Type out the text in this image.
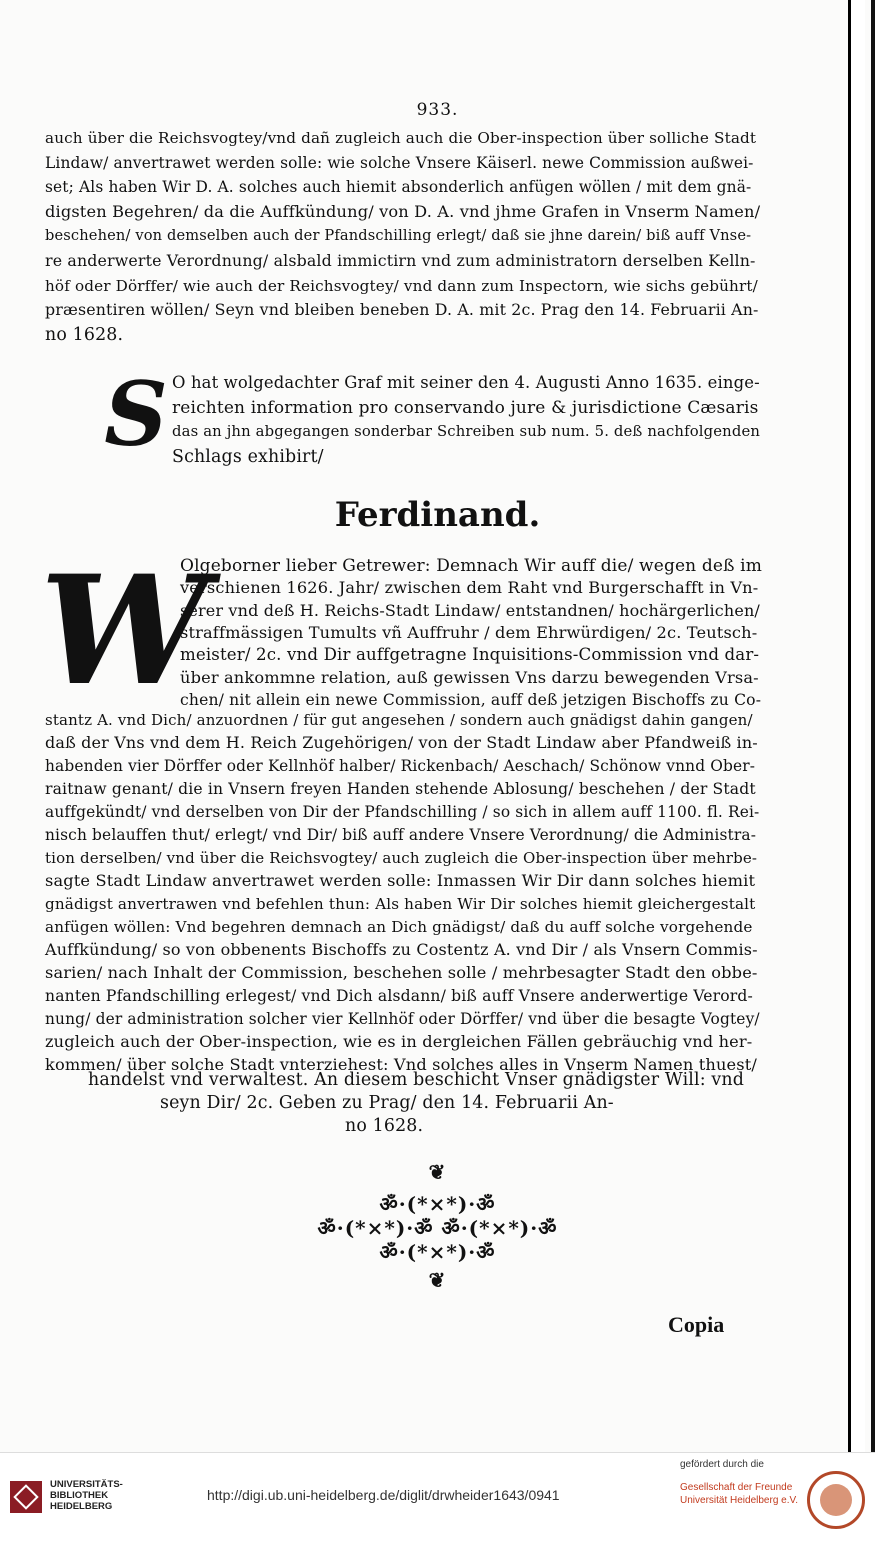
933.
auch über die Reichsvogtey/vnd dañ zugleich auch die Ober-inspection über solliche Stadt
Lindaw/ anvertrawet werden solle: wie solche Vnsere Käiserl. newe Commission außwei-
set; Als haben Wir D. A. solches auch hiemit absonderlich anfügen wöllen / mit dem gnä-
digsten Begehren/ da die Auffkündung/ von D. A. vnd jhme Grafen in Vnserm Namen/
beschehen/ von demselben auch der Pfandschilling erlegt/ daß sie jhne darein/ biß auff Vnse-
re anderwerte Verordnung/ alsbald immictirn vnd zum administratorn derselben Kelln-
höf oder Dörffer/ wie auch der Reichsvogtey/ vnd dann zum Inspectorn, wie sichs gebührt/
præsentiren wöllen/ Seyn vnd bleiben beneben D. A. mit 2c. Prag den 14. Februarii An-
no 1628.
S O hat wolgedachter Graf mit seiner den 4. Augusti Anno 1635. einge-
reichten information pro conservando jure & jurisdictione Cæsaris
das an jhn abgegangen sonderbar Schreiben sub num. 5. deß nachfolgenden
Schlags exhibirt/
Ferdinand.
W
Olgeborner lieber Getrewer: Demnach Wir auff die/ wegen deß im
verschienen 1626. Jahr/ zwischen dem Raht vnd Burgerschafft in Vn-
serer vnd deß H. Reichs-Stadt Lindaw/ entstandnen/ hochärgerlichen/
straffmässigen Tumults vñ Auffruhr / dem Ehrwürdigen/ 2c. Teutsch-
meister/ 2c. vnd Dir auffgetragne Inquisitions-Commission vnd dar-
über ankommne relation, auß gewissen Vns darzu bewegenden Vrsa-
chen/ nit allein ein newe Commission, auff deß jetzigen Bischoffs zu Co-
stantz A. vnd Dich/ anzuordnen / für gut angesehen / sondern auch gnädigst dahin gangen/
daß der Vns vnd dem H. Reich Zugehörigen/ von der Stadt Lindaw aber Pfandweiß in-
habenden vier Dörffer oder Kellnhöf halber/ Rickenbach/ Aeschach/ Schönow vnnd Ober-
raitnaw genant/ die in Vnsern freyen Handen stehende Ablosung/ beschehen / der Stadt
auffgekündt/ vnd derselben von Dir der Pfandschilling / so sich in allem auff 1100. fl. Rei-
nisch belauffen thut/ erlegt/ vnd Dir/ biß auff andere Vnsere Verordnung/ die Administra-
tion derselben/ vnd über die Reichsvogtey/ auch zugleich die Ober-inspection über mehrbe-
sagte Stadt Lindaw anvertrawet werden solle: Inmassen Wir Dir dann solches hiemit
gnädigst anvertrawen vnd befehlen thun: Als haben Wir Dir solches hiemit gleichergestalt
anfügen wöllen: Vnd begehren demnach an Dich gnädigst/ daß du auff solche vorgehende
Auffkündung/ so von obbenents Bischoffs zu Costentz A. vnd Dir / als Vnsern Commis-
sarien/ nach Inhalt der Commission, beschehen solle / mehrbesagter Stadt den obbe-
nanten Pfandschilling erlegest/ vnd Dich alsdann/ biß auff Vnsere anderwertige Verord-
nung/ der administration solcher vier Kellnhöf oder Dörffer/ vnd über die besagte Vogtey/
zugleich auch der Ober-inspection, wie es in dergleichen Fällen gebräuchig vnd her-
kommen/ über solche Stadt vnterziehest: Vnd solches alles in Vnserm Namen thuest/
handelst vnd verwaltest. An diesem beschicht Vnser gnädigster Will: vnd
seyn Dir/ 2c. Geben zu Prag/ den 14. Februarii An-
no 1628.
❦
ॐ·(*×*)·ॐ
ॐ·(*×*)·ॐ ॐ·(*×*)·ॐ
ॐ·(*×*)·ॐ
❦
Copia
UNIVERSITÄTS-
BIBLIOTHEK
HEIDELBERG
http://digi.ub.uni-heidelberg.de/diglit/drwheider1643/0941
gefördert durch die
Gesellschaft der Freunde
Universität Heidelberg e.V.
